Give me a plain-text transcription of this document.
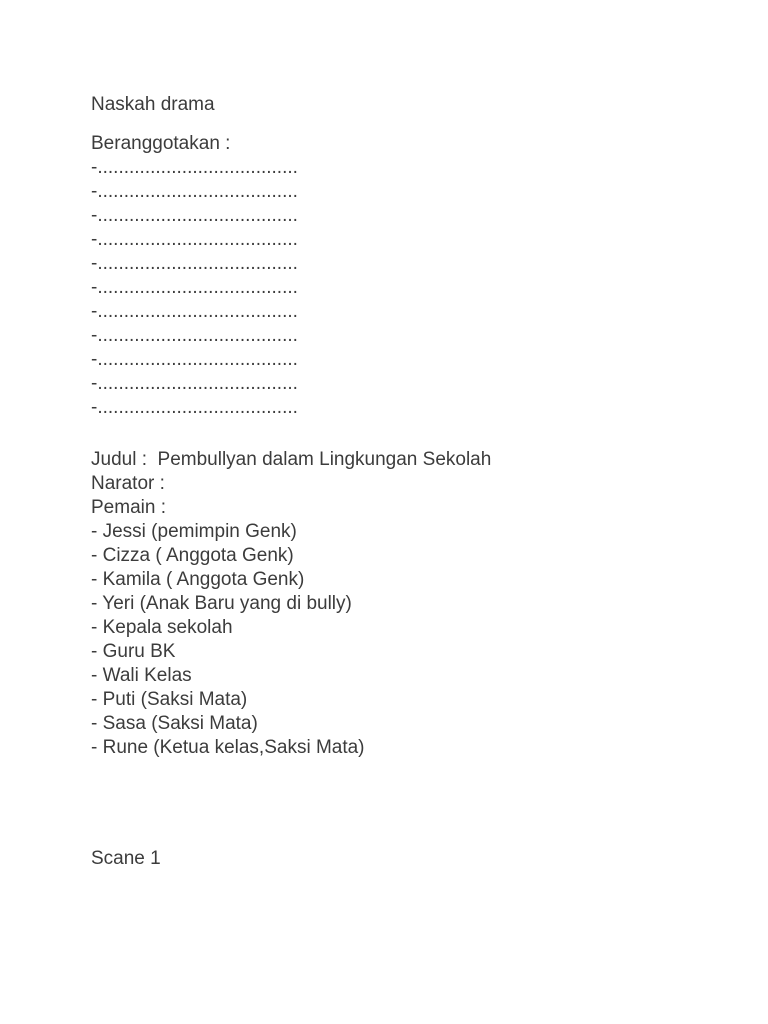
Naskah drama
Beranggotakan :
-......................................
-......................................
-......................................
-......................................
-......................................
-......................................
-......................................
-......................................
-......................................
-......................................
-......................................
Judul :  Pembullyan dalam Lingkungan Sekolah
Narator :
Pemain :
- Jessi (pemimpin Genk)
- Cizza ( Anggota Genk)
- Kamila ( Anggota Genk)
- Yeri (Anak Baru yang di bully)
- Kepala sekolah
- Guru BK
- Wali Kelas
- Puti (Saksi Mata)
- Sasa (Saksi Mata)
- Rune (Ketua kelas,Saksi Mata)
Scane 1
